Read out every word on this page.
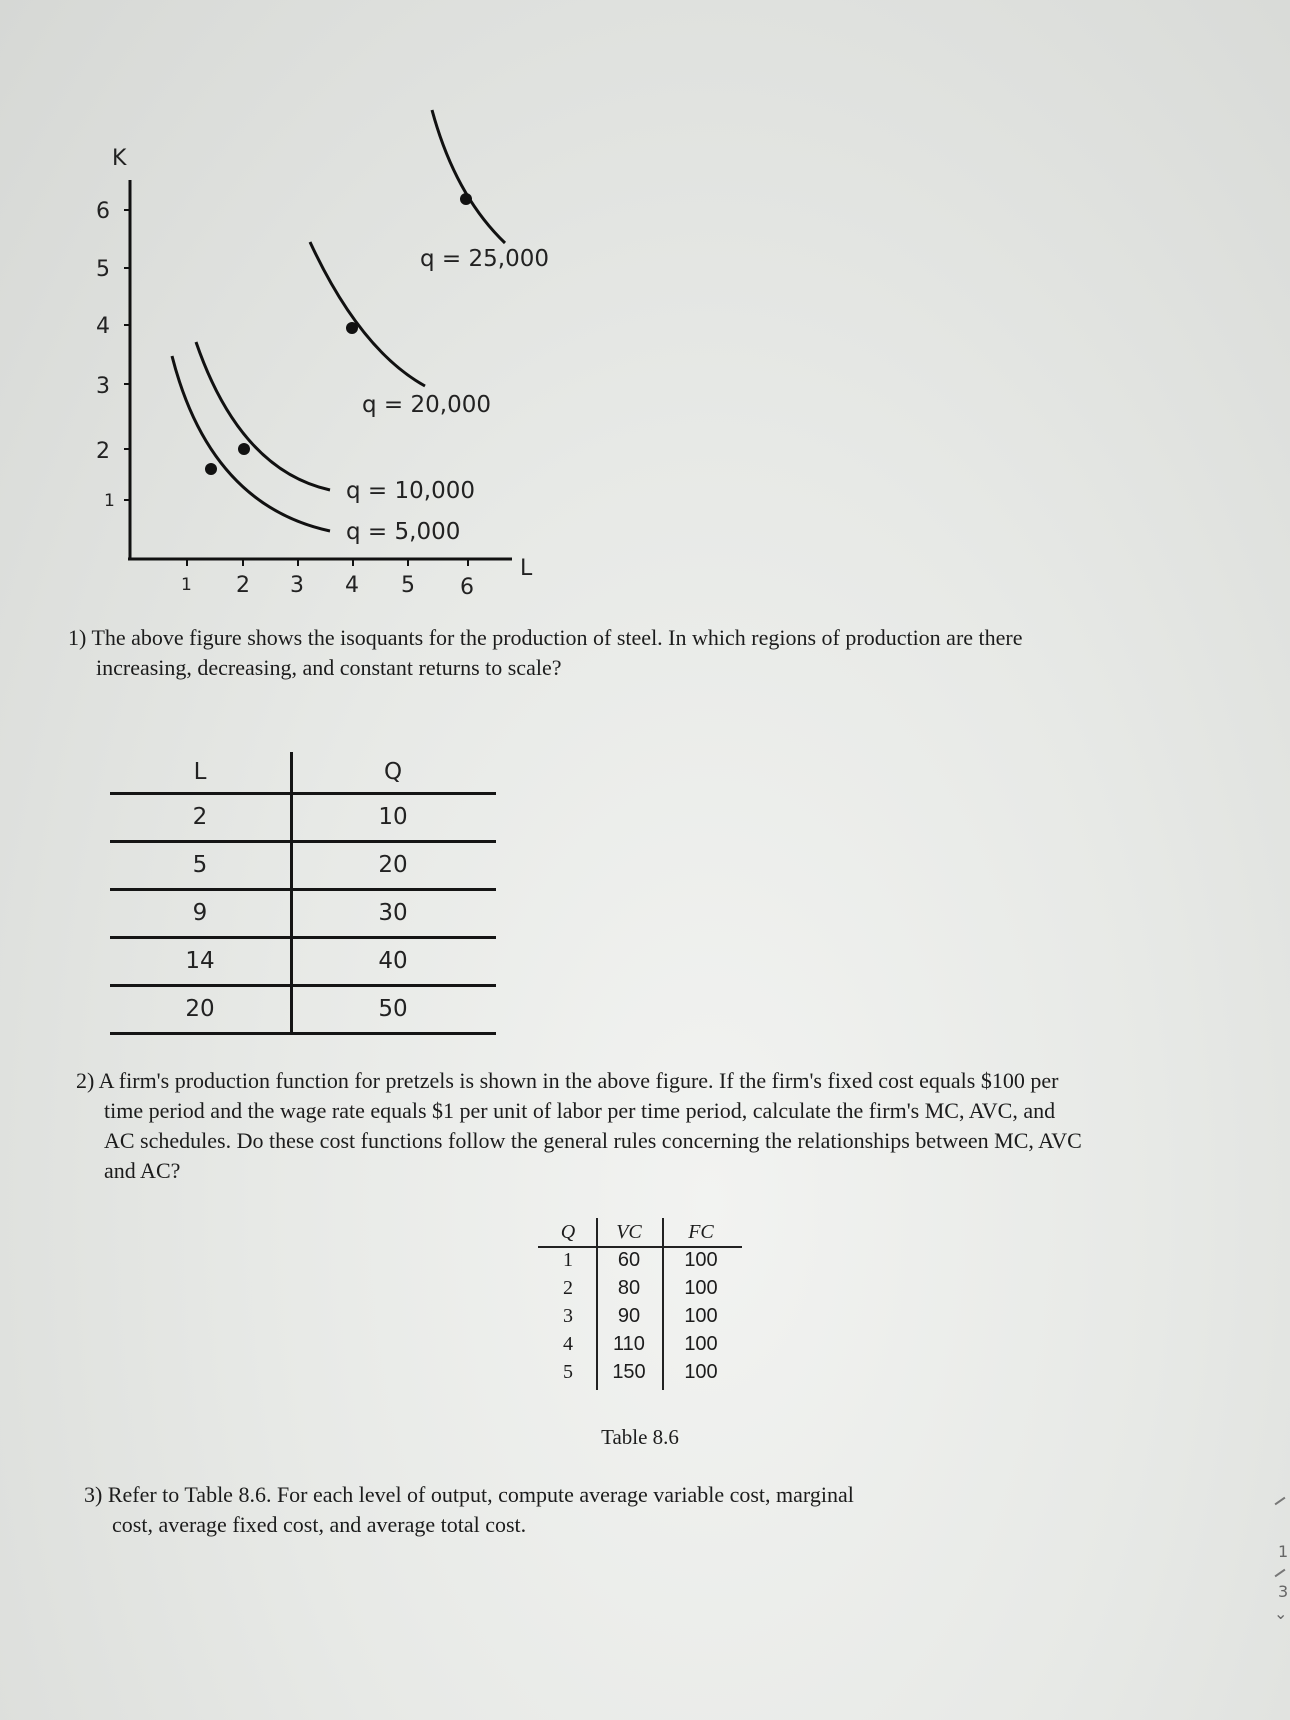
K
L
6
5
4
3
2
1
1 2 3 4 5 6
q = 25,000
q = 20,000
q = 10,000
q = 5,000

1) The above figure shows the isoquants for the production of steel. In which regions of production are there
increasing, decreasing, and constant returns to scale?

L	Q
2	10
5	20
9	30
14	40
20	50

2) A firm's production function for pretzels is shown in the above figure. If the firm's fixed cost equals $100 per
time period and the wage rate equals $1 per unit of labor per time period, calculate the firm's MC, AVC, and
AC schedules. Do these cost functions follow the general rules concerning the relationships between MC, AVC
and AC?

Q	VC	FC
1	60	100
2	80	100
3	90	100
4	110	100
5	150	100
Table 8.6

3) Refer to Table 8.6. For each level of output, compute average variable cost, marginal
cost, average fixed cost, and average total cost.

1
3
⌄
